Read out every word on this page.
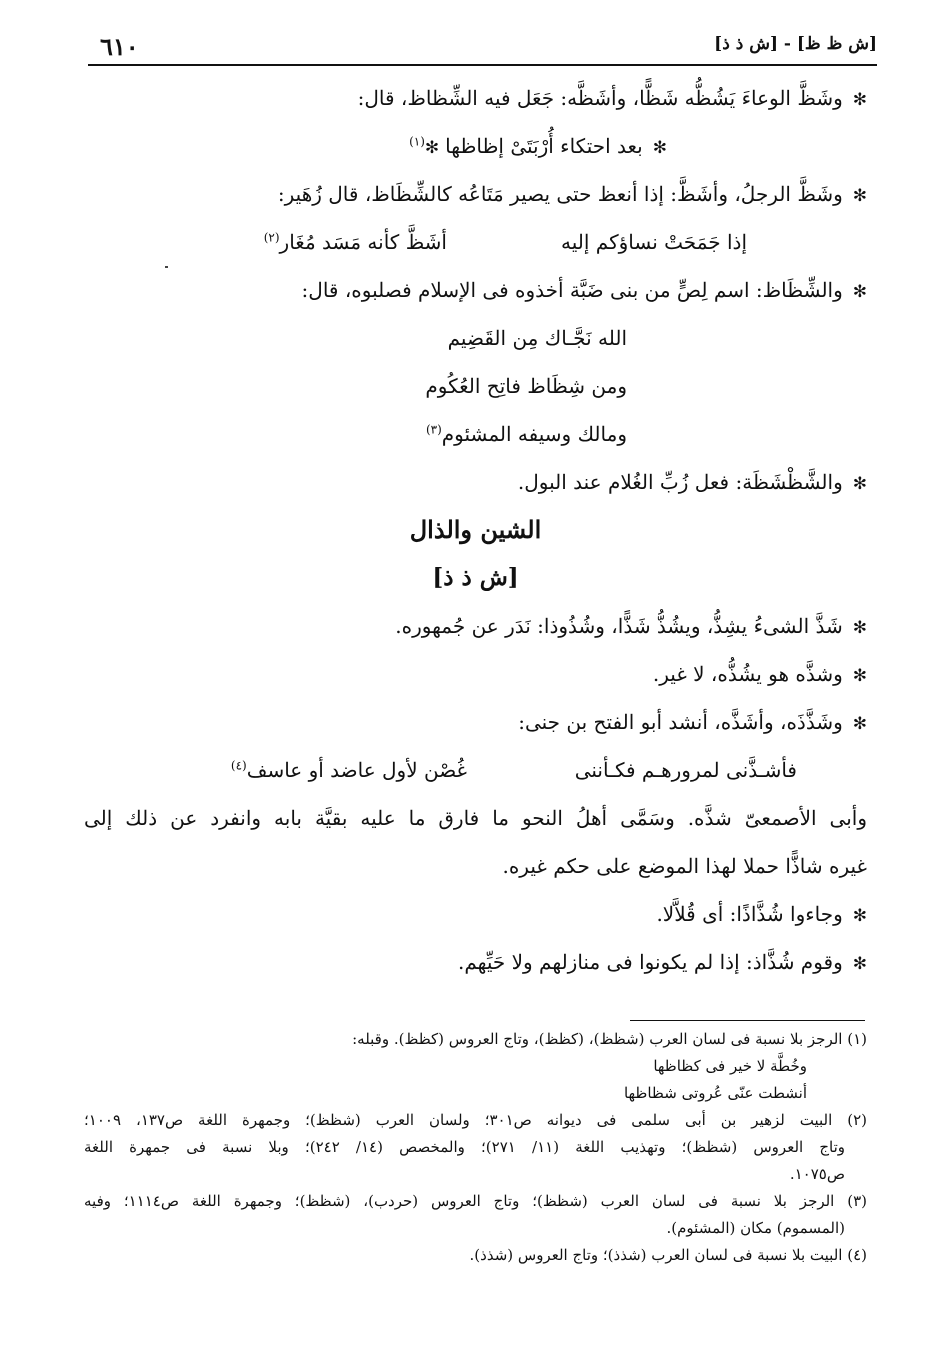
٦١٠	[ش ظ ظ] - [ش ذ ذ]
✻وشَظَّ الوعاءَ يَشُظُّه شَظًّا، وأشَظَّه: جَعَل فيه الشِّظاظ، قال:
✻بعد احتكاء أُرْبَتَىْ إظاظها✻$^{(١)}$
✻وشَظَّ الرجلُ، وأشَظَّ: إذا أنعظ حتى يصير مَتَاعُه كالشِّظَاظ، قال زُهَير:
إذا جَمَحَتْ نساؤكم إليه
أشَظَّ كأنه مَسَد مُغَار$^{(٢)}$
✻والشِّظَاظ: اسم لِصٍّ من بنى ضَبَّة أخذوه فى الإسلام فصلبوه، قال:
الله نَجَّـاك مِن القَضِيم
ومن شِظَاظ فاتِح العُكُوم
ومالك وسيفه المشئوم$^{(٣)}$
✻والشَّظْشَظَة: فعل زُبِّ الغُلام عند البول.
الشين والذال
[ش ذ ذ]
✻شَذَّ الشىءُ يشِذُّ، ويشُذُّ شَذًّا، وشُذُوذا: نَدَر عن جُمهوره.
✻وشذَّه هو يشُذُّه، لا غير.
✻وشَذَّذَه، وأشَذَّه، أنشد أبو الفتح بن جنى:
فأشـذَّنى لمرورهـم فكـأننى
غُصْن لأول عاضد أو عاسف$^{(٤)}$
وأبى الأصمعىّ شذَّه. وسَمَّى أهلُ النحو ما فارق ما عليه بقيَّة بابه وانفرد عن ذلك إلى
غيره شاذًّا حملا لهذا الموضع على حكم غيره.
✻وجاءوا شُذَّاذًا: أى قُلاَّلا.
✻وقوم شُذَّاذ: إذا لم يكونوا فى منازلهم ولا حَيِّهم.
(١) الرجز بلا نسبة فى لسان العرب (شظظ)، (كظظ)، وتاج العروس (كظظ). وقبله:
وخُطَّة لا خير فى كظاظها
أنشطت عنّى عُروتى شظاظها
(٢) البيت لزهير بن أبى سلمى فى ديوانه ص٣٠١؛ ولسان العرب (شظظ)؛ وجمهرة اللغة ص١٣٧، ١٠٠٩؛
وتاج العروس (شظظ)؛ وتهذيب اللغة (١١/ ٢٧١)؛ والمخصص (١٤/ ٢٤٢)؛ وبلا نسبة فى جمهرة اللغة
ص١٠٧٥.
(٣) الرجز بلا نسبة فى لسان العرب (شظظ)؛ وتاج العروس (حردب)، (شظظ)؛ وجمهرة اللغة ص١١١٤؛ وفيه
(المسموم) مكان (المشئوم).
(٤) البيت بلا نسبة فى لسان العرب (شذذ)؛ وتاج العروس (شذذ).
